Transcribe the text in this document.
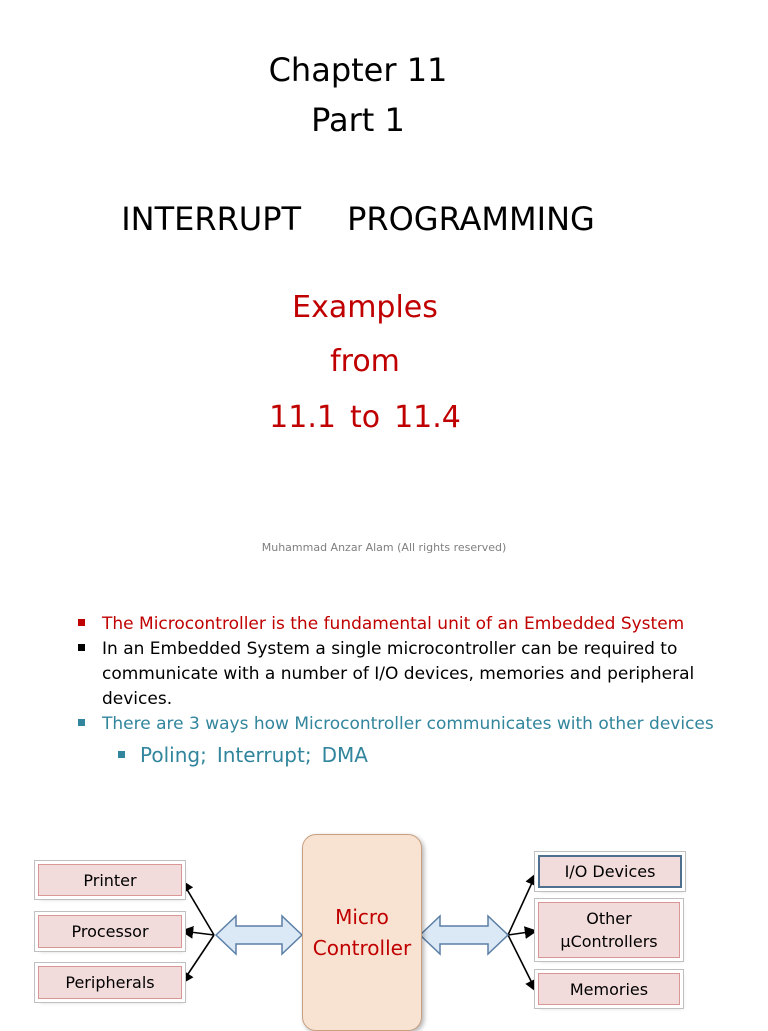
Chapter 11
Part 1
INTERRUPT PROGRAMMING
Examples
from
11.1 to 11.4
Muhammad Anzar Alam (All rights reserved)

The Microcontroller is the fundamental unit of an Embedded System

In an Embedded System a single microcontroller can be required to communicate with a number of I/O devices, memories and peripheral devices.

There are 3 ways how Microcontroller communicates with other devices

Poling; Interrupt; DMA

Printer
Processor
Peripherals
Micro
Controller
I/O Devices
Other
µControllers
Memories
